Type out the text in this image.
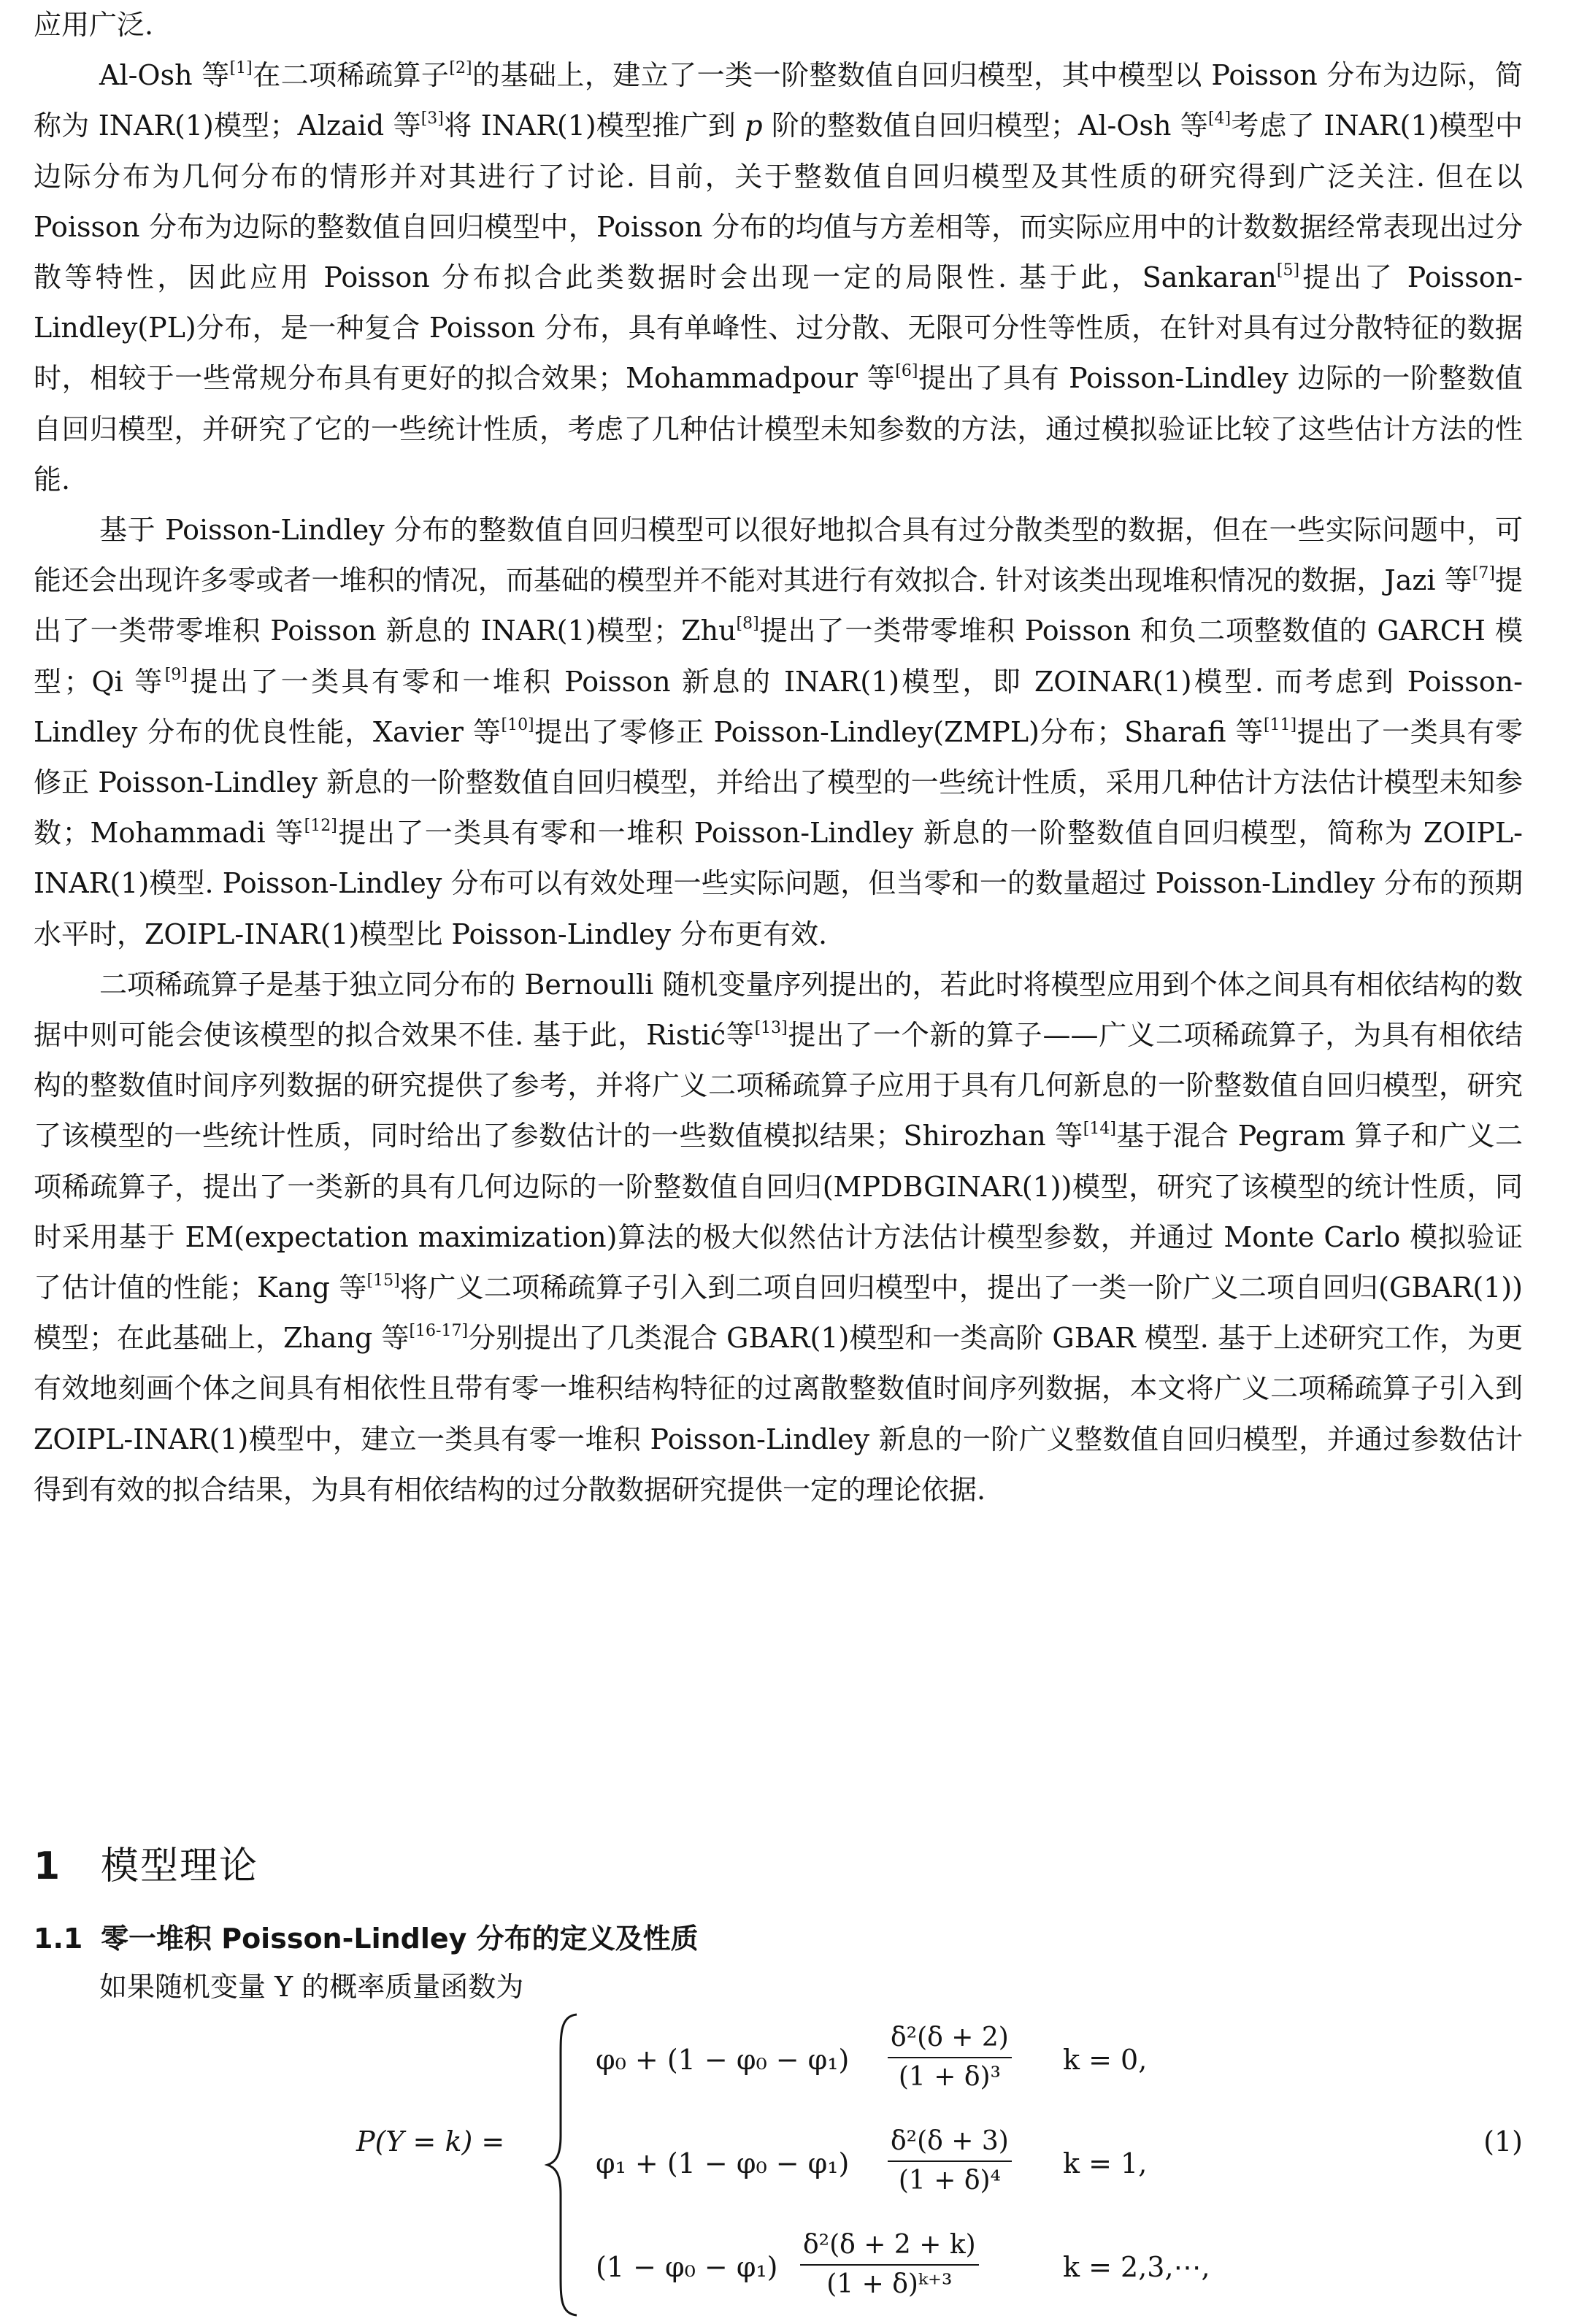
应用广泛.

Al-Osh 等[1]在二项稀疏算子[2]的基础上，建立了一类一阶整数值自回归模型，其中模型以 Poisson 分布为边际，简称为 INAR(1)模型；Alzaid 等[3]将 INAR(1)模型推广到 p 阶的整数值自回归模型；Al-Osh 等[4]考虑了 INAR(1)模型中边际分布为几何分布的情形并对其进行了讨论. 目前，关于整数值自回归模型及其性质的研究得到广泛关注. 但在以 Poisson 分布为边际的整数值自回归模型中，Poisson 分布的均值与方差相等，而实际应用中的计数数据经常表现出过分散等特性，因此应用 Poisson 分布拟合此类数据时会出现一定的局限性. 基于此，Sankaran[5]提出了 Poisson-Lindley(PL)分布，是一种复合 Poisson 分布，具有单峰性、过分散、无限可分性等性质，在针对具有过分散特征的数据时，相较于一些常规分布具有更好的拟合效果；Mohammadpour 等[6]提出了具有 Poisson-Lindley 边际的一阶整数值自回归模型，并研究了它的一些统计性质，考虑了几种估计模型未知参数的方法，通过模拟验证比较了这些估计方法的性能.

基于 Poisson-Lindley 分布的整数值自回归模型可以很好地拟合具有过分散类型的数据，但在一些实际问题中，可能还会出现许多零或者一堆积的情况，而基础的模型并不能对其进行有效拟合. 针对该类出现堆积情况的数据，Jazi 等[7]提出了一类带零堆积 Poisson 新息的 INAR(1)模型；Zhu[8]提出了一类带零堆积 Poisson 和负二项整数值的 GARCH 模型；Qi 等[9]提出了一类具有零和一堆积 Poisson 新息的 INAR(1)模型，即 ZOINAR(1)模型. 而考虑到 Poisson-Lindley 分布的优良性能，Xavier 等[10]提出了零修正 Poisson-Lindley(ZMPL)分布；Sharafi 等[11]提出了一类具有零修正 Poisson-Lindley 新息的一阶整数值自回归模型，并给出了模型的一些统计性质，采用几种估计方法估计模型未知参数；Mohammadi 等[12]提出了一类具有零和一堆积 Poisson-Lindley 新息的一阶整数值自回归模型，简称为 ZOIPL-INAR(1)模型. Poisson-Lindley 分布可以有效处理一些实际问题，但当零和一的数量超过 Poisson-Lindley 分布的预期水平时，ZOIPL-INAR(1)模型比 Poisson-Lindley 分布更有效.

二项稀疏算子是基于独立同分布的 Bernoulli 随机变量序列提出的，若此时将模型应用到个体之间具有相依结构的数据中则可能会使该模型的拟合效果不佳. 基于此，Ristić等[13]提出了一个新的算子——广义二项稀疏算子，为具有相依结构的整数值时间序列数据的研究提供了参考，并将广义二项稀疏算子应用于具有几何新息的一阶整数值自回归模型，研究了该模型的一些统计性质，同时给出了参数估计的一些数值模拟结果；Shirozhan 等[14]基于混合 Pegram 算子和广义二项稀疏算子，提出了一类新的具有几何边际的一阶整数值自回归(MPDBGINAR(1))模型，研究了该模型的统计性质，同时采用基于 EM(expectation maximization)算法的极大似然估计方法估计模型参数，并通过 Monte Carlo 模拟验证了估计值的性能；Kang 等[15]将广义二项稀疏算子引入到二项自回归模型中，提出了一类一阶广义二项自回归(GBAR(1))模型；在此基础上，Zhang 等[16-17]分别提出了几类混合 GBAR(1)模型和一类高阶 GBAR 模型. 基于上述研究工作，为更有效地刻画个体之间具有相依性且带有零一堆积结构特征的过离散整数值时间序列数据，本文将广义二项稀疏算子引入到 ZOIPL-INAR(1)模型中，建立一类具有零一堆积 Poisson-Lindley 新息的一阶广义整数值自回归模型，并通过参数估计得到有效的拟合结果，为具有相依结构的过分散数据研究提供一定的理论依据.

1 模型理论
1.1 零一堆积 Poisson-Lindley 分布的定义及性质

如果随机变量 Y 的概率质量函数为

P(Y = k) =
φ₀ + (1 − φ₀ − φ₁)
δ²(δ + 2)
(1 + δ)³
k = 0,
φ₁ + (1 − φ₀ − φ₁)
δ²(δ + 3)
(1 + δ)⁴
k = 1,
(1 − φ₀ − φ₁)
δ²(δ + 2 + k)
(1 + δ)ᵏ⁺³
k = 2,3,⋯,
(1)
